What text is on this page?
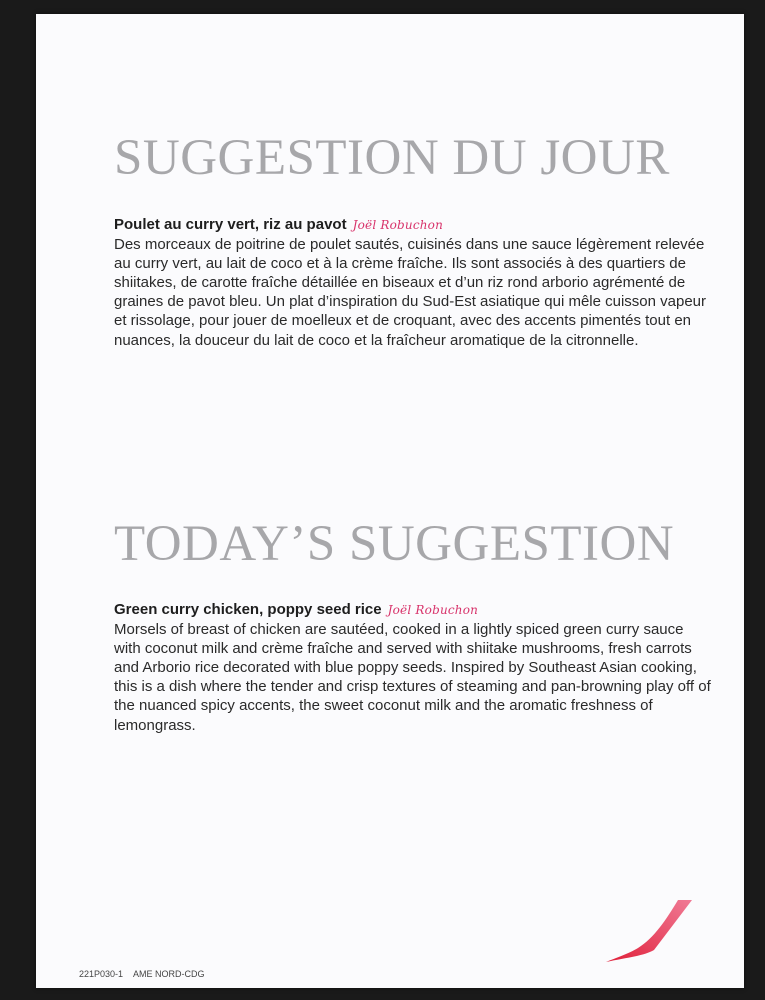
SUGGESTION DU JOUR
Poulet au curry vert, riz au pavot Joël Robuchon
Des morceaux de poitrine de poulet sautés, cuisinés dans une sauce légèrement relevée au curry vert, au lait de coco et à la crème fraîche. Ils sont associés à des quartiers de shiitakes, de carotte fraîche détaillée en biseaux et d’un riz rond arborio agrémenté de graines de pavot bleu. Un plat d’inspiration du Sud-Est asiatique qui mêle cuisson vapeur et rissolage, pour jouer de moelleux et de croquant, avec des accents pimentés tout en nuances, la douceur du lait de coco et la fraîcheur aromatique de la citronnelle.
TODAY’S SUGGESTION
Green curry chicken, poppy seed rice Joël Robuchon
Morsels of breast of chicken are sautéed, cooked in a lightly spiced green curry sauce with coconut milk and crème fraîche and served with shiitake mushrooms, fresh carrots and Arborio rice decorated with blue poppy seeds. Inspired by Southeast Asian cooking, this is a dish where the tender and crisp textures of steaming and pan-browning play off of the nuanced spicy accents, the sweet coconut milk and the aromatic freshness of lemongrass.
221P030-1 AME NORD-CDG
